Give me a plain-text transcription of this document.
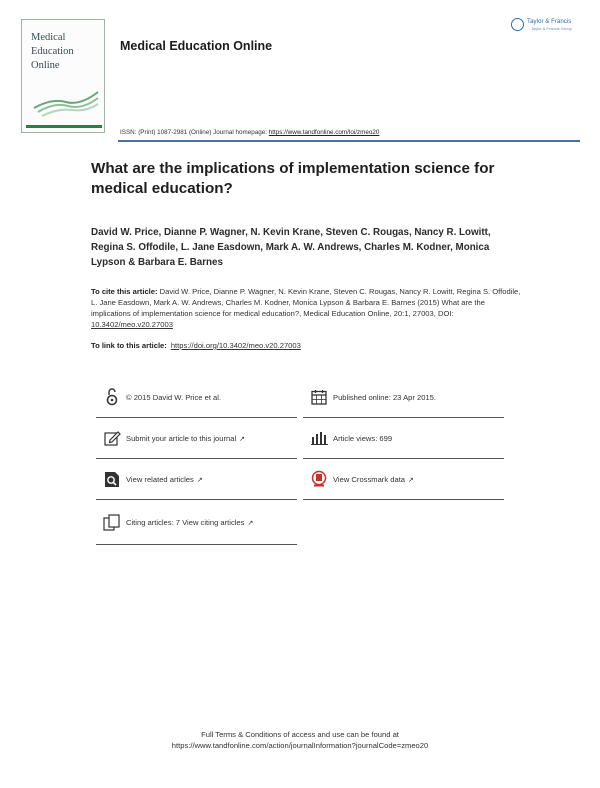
Medical
Education
Online
Medical Education Online
Taylor & Francis
Taylor & Francis Group
ISSN: (Print) 1087-2981 (Online) Journal homepage: https://www.tandfonline.com/loi/zmeo20
What are the implications of implementation science for medical education?
David W. Price, Dianne P. Wagner, N. Kevin Krane, Steven C. Rougas, Nancy R. Lowitt, Regina S. Offodile, L. Jane Easdown, Mark A. W. Andrews, Charles M. Kodner, Monica Lypson & Barbara E. Barnes
To cite this article: David W. Price, Dianne P. Wagner, N. Kevin Krane, Steven C. Rougas, Nancy R. Lowitt, Regina S. Offodile, L. Jane Easdown, Mark A. W. Andrews, Charles M. Kodner, Monica Lypson & Barbara E. Barnes (2015) What are the implications of implementation science for medical education?, Medical Education Online, 20:1, 27003, DOI: 10.3402/meo.v20.27003
To link to this article: https://doi.org/10.3402/meo.v20.27003
© 2015 David W. Price et al.	Published online: 23 Apr 2015.
Submit your article to this journal ↗	Article views: 699
View related articles ↗	View Crossmark data ↗
Citing articles: 7 View citing articles ↗
Full Terms & Conditions of access and use can be found at
https://www.tandfonline.com/action/journalInformation?journalCode=zmeo20
